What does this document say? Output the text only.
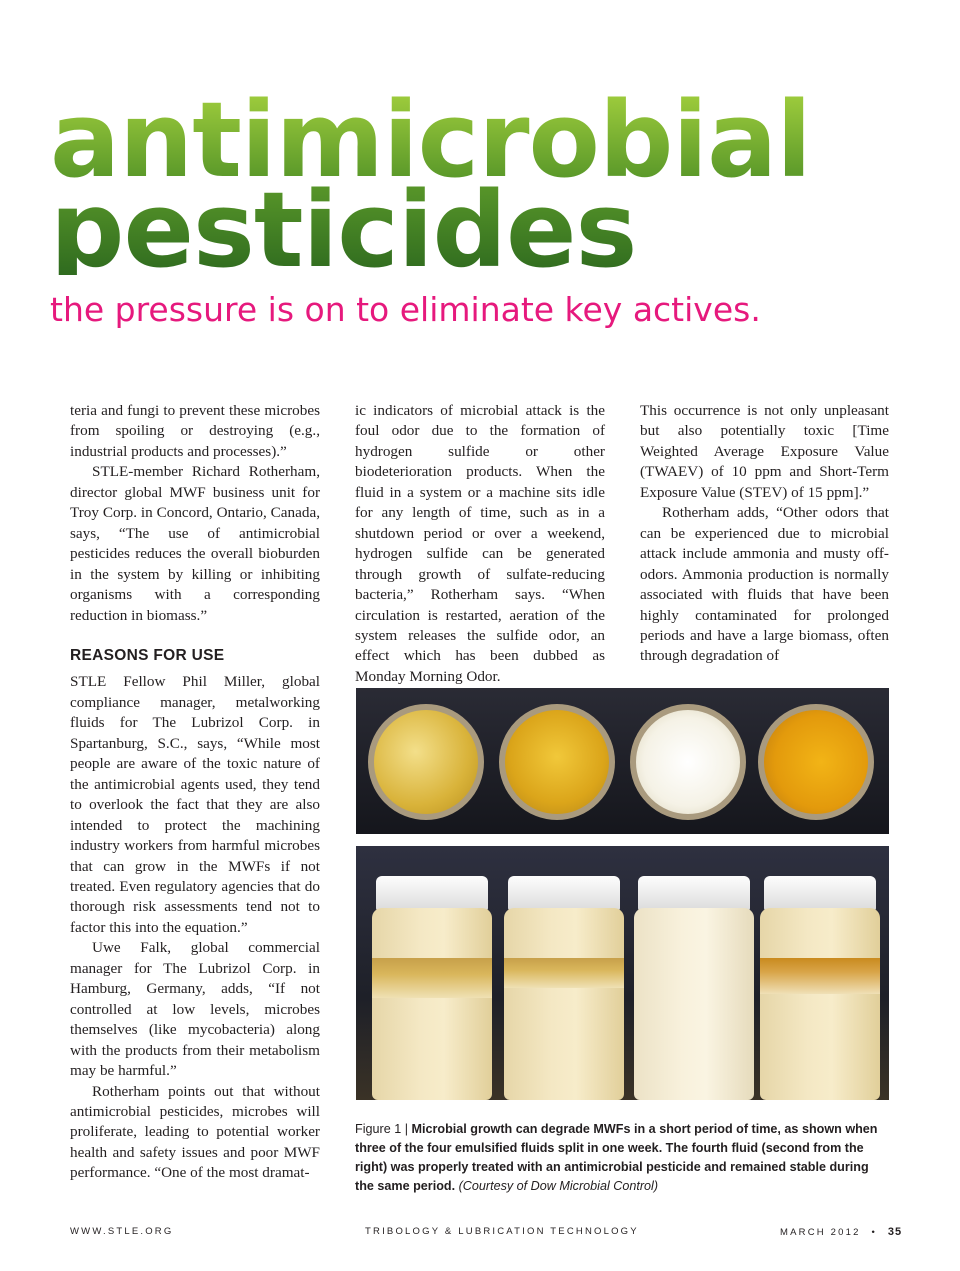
antimicrobial
pesticides
the pressure is on to eliminate key actives.

teria and fungi to prevent these microbes from spoiling or destroying (e.g., industrial products and processes).”

STLE-member Richard Rotherham, director global MWF business unit for Troy Corp. in Concord, Ontario, Canada, says, “The use of antimicrobial pesticides reduces the overall bioburden in the system by killing or inhibiting organisms with a corresponding reduction in biomass.”

REASONS FOR USE

STLE Fellow Phil Miller, global compliance manager, metalworking fluids for The Lubrizol Corp. in Spartanburg, S.C., says, “While most people are aware of the toxic nature of the antimicrobial agents used, they tend to overlook the fact that they are also intended to protect the machining industry workers from harmful microbes that can grow in the MWFs if not treated. Even regulatory agencies that do thorough risk assessments tend not to factor this into the equation.”

Uwe Falk, global commercial manager for The Lubrizol Corp. in Hamburg, Germany, adds, “If not controlled at low levels, microbes themselves (like mycobacteria) along with the products from their metabolism may be harmful.”

Rotherham points out that without antimicrobial pesticides, microbes will proliferate, leading to potential worker health and safety issues and poor MWF performance. “One of the most dramat-

ic indicators of microbial attack is the foul odor due to the formation of hydrogen sulfide or other biodeterioration products. When the fluid in a system or a machine sits idle for any length of time, such as in a shutdown period or over a weekend, hydrogen sulfide can be generated through growth of sulfate-reducing bacteria,” Rotherham says. “When circulation is restarted, aeration of the system releases the sulfide odor, an effect which has been dubbed as Monday Morning Odor.

This occurrence is not only unpleasant but also potentially toxic [Time Weighted Average Exposure Value (TWAEV) of 10 ppm and Short-Term Exposure Value (STEV) of 15 ppm].”

Rotherham adds, “Other odors that can be experienced due to microbial attack include ammonia and musty off-odors. Ammonia production is normally associated with fluids that have been highly contaminated for prolonged periods and have a large biomass, often through degradation of

Figure 1 | Microbial growth can degrade MWFs in a short period of time, as shown when three of the four emulsified fluids split in one week. The fourth fluid (second from the right) was properly treated with an antimicrobial pesticide and remained stable during the same period. (Courtesy of Dow Microbial Control)

WWW.STLE.ORG	TRIBOLOGY & LUBRICATION TECHNOLOGY	MARCH 2012 • 35
